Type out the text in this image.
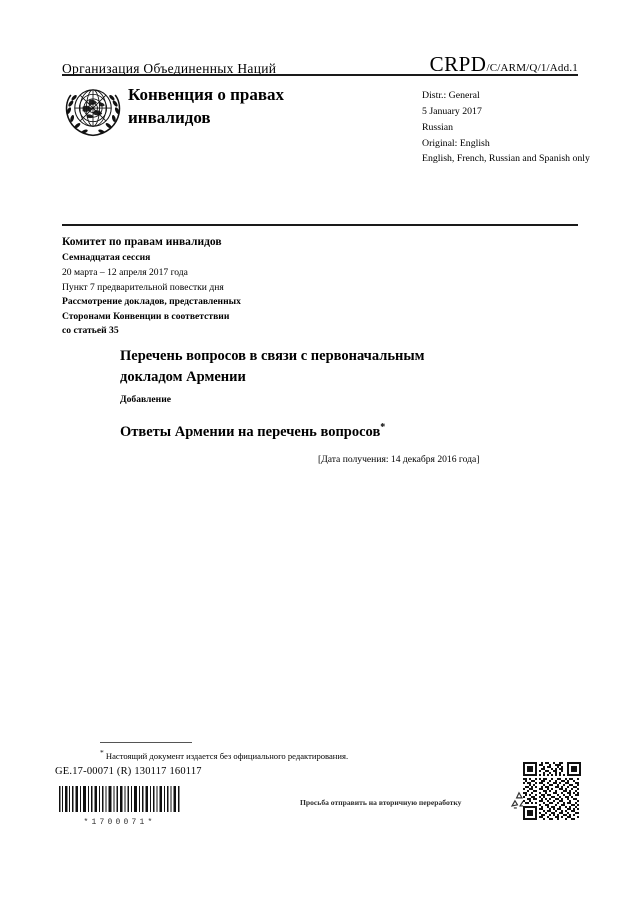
Организация Объединенных Наций	CRPD/C/ARM/Q/1/Add.1
Конвенция о правах
инвалидов
Distr.: General
5 January 2017
Russian
Original: English
English, French, Russian and Spanish only
Комитет по правам инвалидов
Семнадцатая сессия
20 марта – 12 апреля 2017 года
Пункт 7 предварительной повестки дня
Рассмотрение докладов, представленных
Сторонами Конвенции в соответствии
со статьей 35
Перечень вопросов в связи с первоначальным
докладом Армении
Добавление
Ответы Армении на перечень вопросов*
[Дата получения: 14 декабря 2016 года]
* Настоящий документ издается без официального редактирования.
GE.17-00071 (R) 130117 160117
*1700071*
Просьба отправить на вторичную переработку
